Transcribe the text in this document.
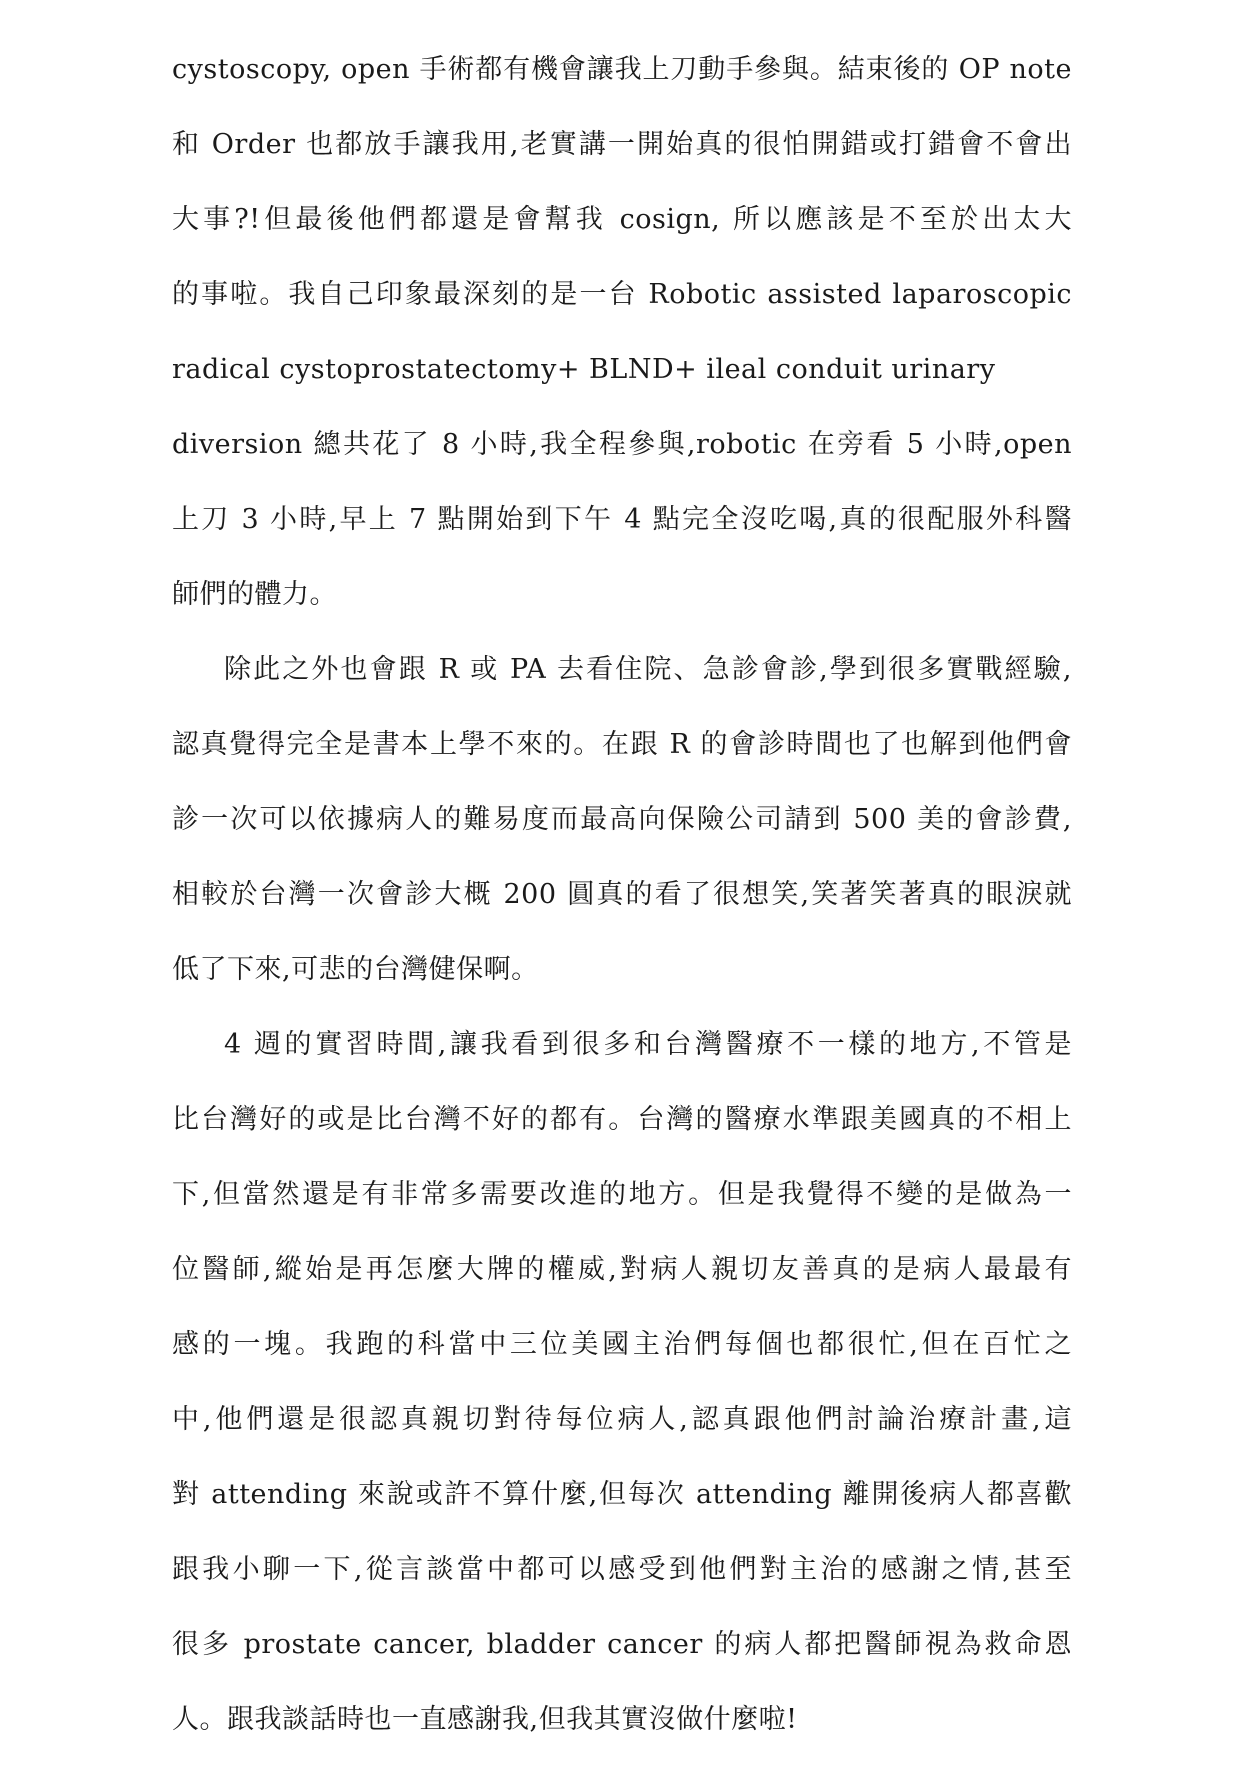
cystoscopy, open 手術都有機會讓我上刀動手參與。結束後的 OP note
和 Order 也都放手讓我用,老實講一開始真的很怕開錯或打錯會不會出
大事?!但最後他們都還是會幫我 cosign, 所以應該是不至於出太大
的事啦。我自己印象最深刻的是一台 Robotic assisted laparoscopic
radical cystoprostatectomy+ BLND+ ileal conduit urinary
diversion 總共花了 8 小時,我全程參與,robotic 在旁看 5 小時,open
上刀 3 小時,早上 7 點開始到下午 4 點完全沒吃喝,真的很配服外科醫
師們的體力。
除此之外也會跟 R 或 PA 去看住院、急診會診,學到很多實戰經驗,
認真覺得完全是書本上學不來的。在跟 R 的會診時間也了也解到他們會
診一次可以依據病人的難易度而最高向保險公司請到 500 美的會診費,
相較於台灣一次會診大概 200 圓真的看了很想笑,笑著笑著真的眼淚就
低了下來,可悲的台灣健保啊。
4 週的實習時間,讓我看到很多和台灣醫療不一樣的地方,不管是
比台灣好的或是比台灣不好的都有。台灣的醫療水準跟美國真的不相上
下,但當然還是有非常多需要改進的地方。但是我覺得不變的是做為一
位醫師,縱始是再怎麼大牌的權威,對病人親切友善真的是病人最最有
感的一塊。我跑的科當中三位美國主治們每個也都很忙,但在百忙之
中,他們還是很認真親切對待每位病人,認真跟他們討論治療計畫,這
對 attending 來說或許不算什麼,但每次 attending 離開後病人都喜歡
跟我小聊一下,從言談當中都可以感受到他們對主治的感謝之情,甚至
很多 prostate cancer, bladder cancer 的病人都把醫師視為救命恩
人。跟我談話時也一直感謝我,但我其實沒做什麼啦!
